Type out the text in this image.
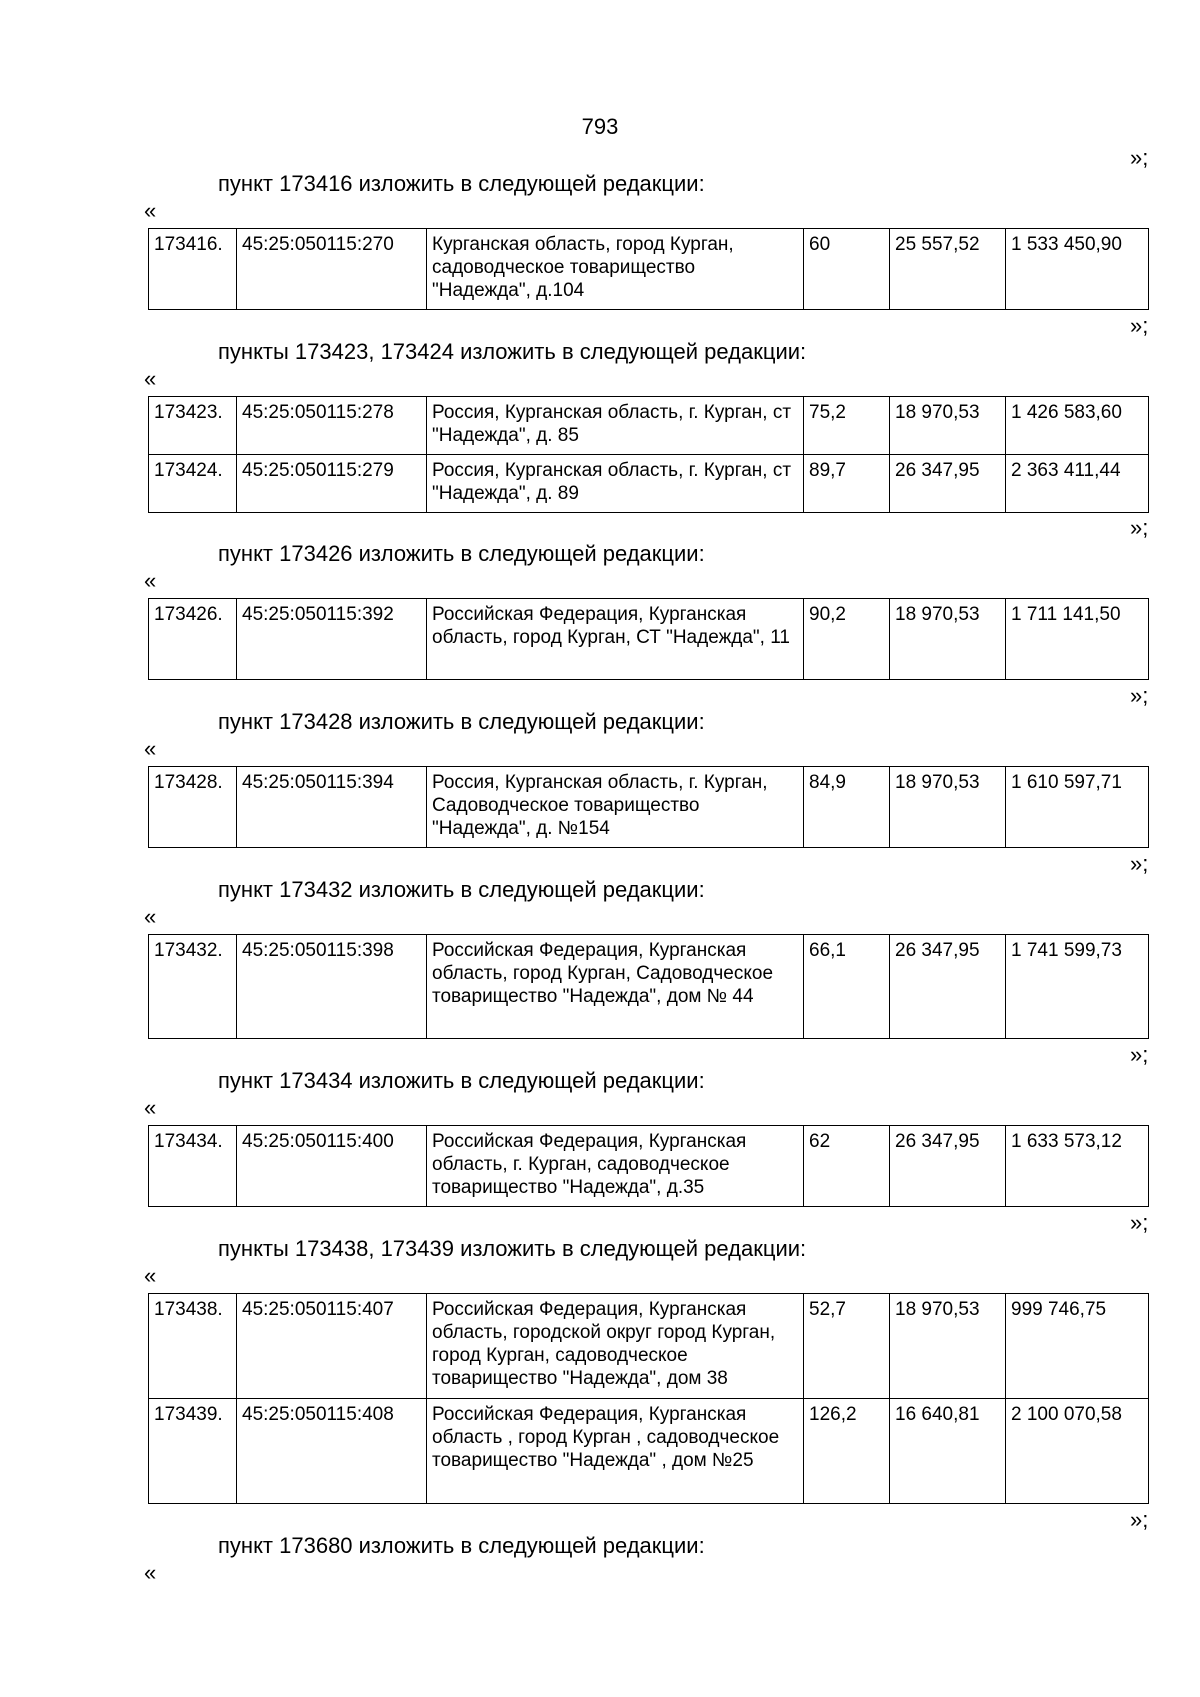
793
»;
пункт 173416 изложить в следующей редакции:
«
173416.	45:25:050115:270	Курганская область, город Курган, садоводческое товарищество "Надежда", д.104	60	25 557,52	1 533 450,90
»;
пункты 173423, 173424 изложить в следующей редакции:
«
173423.	45:25:050115:278	Россия, Курганская область, г. Курган, ст "Надежда", д. 85	75,2	18 970,53	1 426 583,60
173424.	45:25:050115:279	Россия, Курганская область, г. Курган, ст "Надежда", д. 89	89,7	26 347,95	2 363 411,44
»;
пункт 173426 изложить в следующей редакции:
«
173426.	45:25:050115:392	Российская Федерация, Курганская область, город Курган, СТ "Надежда", 11	90,2	18 970,53	1 711 141,50
»;
пункт 173428 изложить в следующей редакции:
«
173428.	45:25:050115:394	Россия, Курганская область, г. Курган, Садоводческое товарищество "Надежда", д. №154	84,9	18 970,53	1 610 597,71
»;
пункт 173432 изложить в следующей редакции:
«
173432.	45:25:050115:398	Российская Федерация, Курганская область, город Курган, Садоводческое товарищество "Надежда", дом № 44	66,1	26 347,95	1 741 599,73
»;
пункт 173434 изложить в следующей редакции:
«
173434.	45:25:050115:400	Российская Федерация, Курганская область, г. Курган, садоводческое товарищество "Надежда", д.35	62	26 347,95	1 633 573,12
»;
пункты 173438, 173439 изложить в следующей редакции:
«
173438.	45:25:050115:407	Российская Федерация, Курганская область, городской округ город Курган, город Курган, садоводческое товарищество "Надежда", дом 38	52,7	18 970,53	999 746,75
173439.	45:25:050115:408	Российская Федерация, Курганская область , город Курган , садоводческое товарищество "Надежда" , дом №25	126,2	16 640,81	2 100 070,58
»;
пункт 173680 изложить в следующей редакции:
«
